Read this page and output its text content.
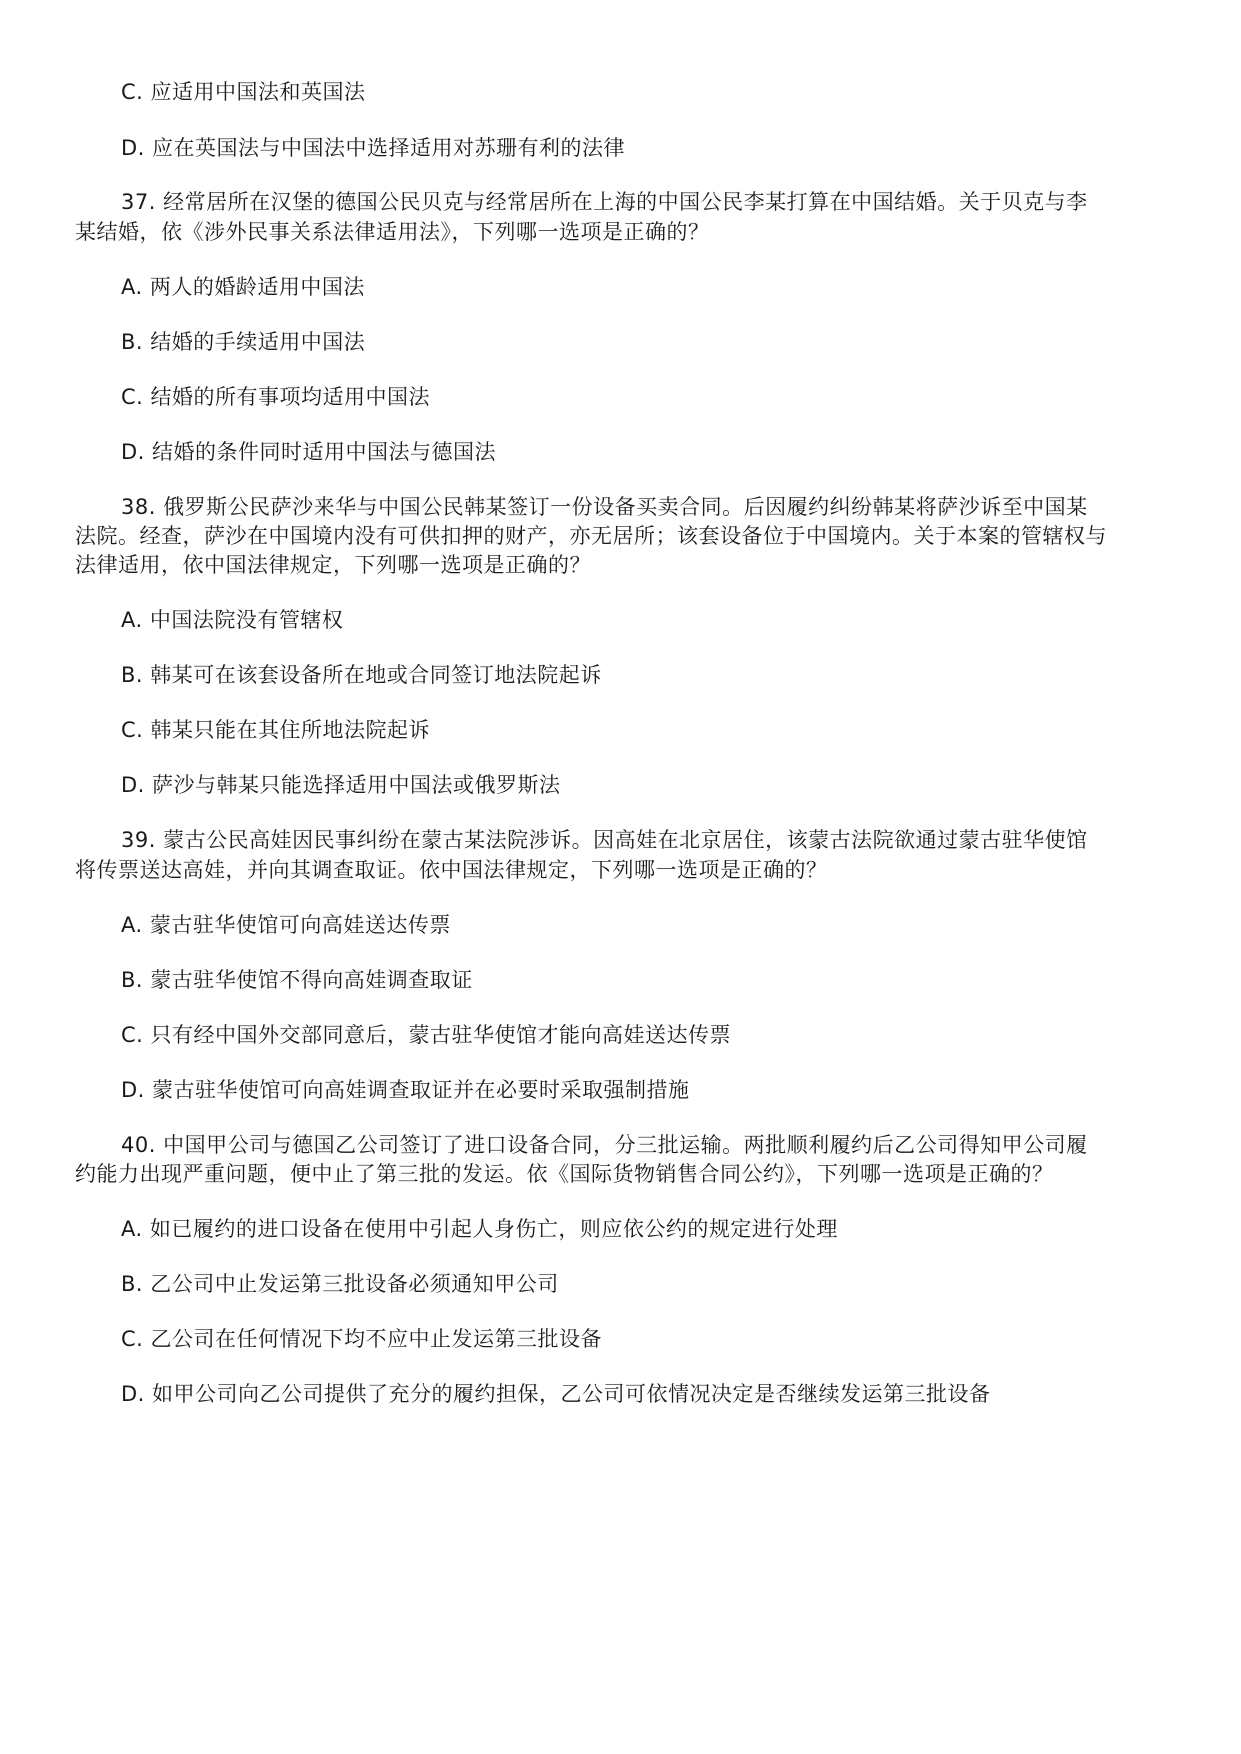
C. 应适用中国法和英国法
D. 应在英国法与中国法中选择适用对苏珊有利的法律
37. 经常居所在汉堡的德国公民贝克与经常居所在上海的中国公民李某打算在中国结婚。关于贝克与李
某结婚，依《涉外民事关系法律适用法》，下列哪一选项是正确的？
A. 两人的婚龄适用中国法
B. 结婚的手续适用中国法
C. 结婚的所有事项均适用中国法
D. 结婚的条件同时适用中国法与德国法
38. 俄罗斯公民萨沙来华与中国公民韩某签订一份设备买卖合同。后因履约纠纷韩某将萨沙诉至中国某
法院。经查，萨沙在中国境内没有可供扣押的财产，亦无居所；该套设备位于中国境内。关于本案的管辖权与
法律适用，依中国法律规定，下列哪一选项是正确的？
A. 中国法院没有管辖权
B. 韩某可在该套设备所在地或合同签订地法院起诉
C. 韩某只能在其住所地法院起诉
D. 萨沙与韩某只能选择适用中国法或俄罗斯法
39. 蒙古公民高娃因民事纠纷在蒙古某法院涉诉。因高娃在北京居住，该蒙古法院欲通过蒙古驻华使馆
将传票送达高娃，并向其调查取证。依中国法律规定，下列哪一选项是正确的？
A. 蒙古驻华使馆可向高娃送达传票
B. 蒙古驻华使馆不得向高娃调查取证
C. 只有经中国外交部同意后，蒙古驻华使馆才能向高娃送达传票
D. 蒙古驻华使馆可向高娃调查取证并在必要时采取强制措施
40. 中国甲公司与德国乙公司签订了进口设备合同，分三批运输。两批顺利履约后乙公司得知甲公司履
约能力出现严重问题，便中止了第三批的发运。依《国际货物销售合同公约》，下列哪一选项是正确的？
A. 如已履约的进口设备在使用中引起人身伤亡，则应依公约的规定进行处理
B. 乙公司中止发运第三批设备必须通知甲公司
C. 乙公司在任何情况下均不应中止发运第三批设备
D. 如甲公司向乙公司提供了充分的履约担保，乙公司可依情况决定是否继续发运第三批设备
